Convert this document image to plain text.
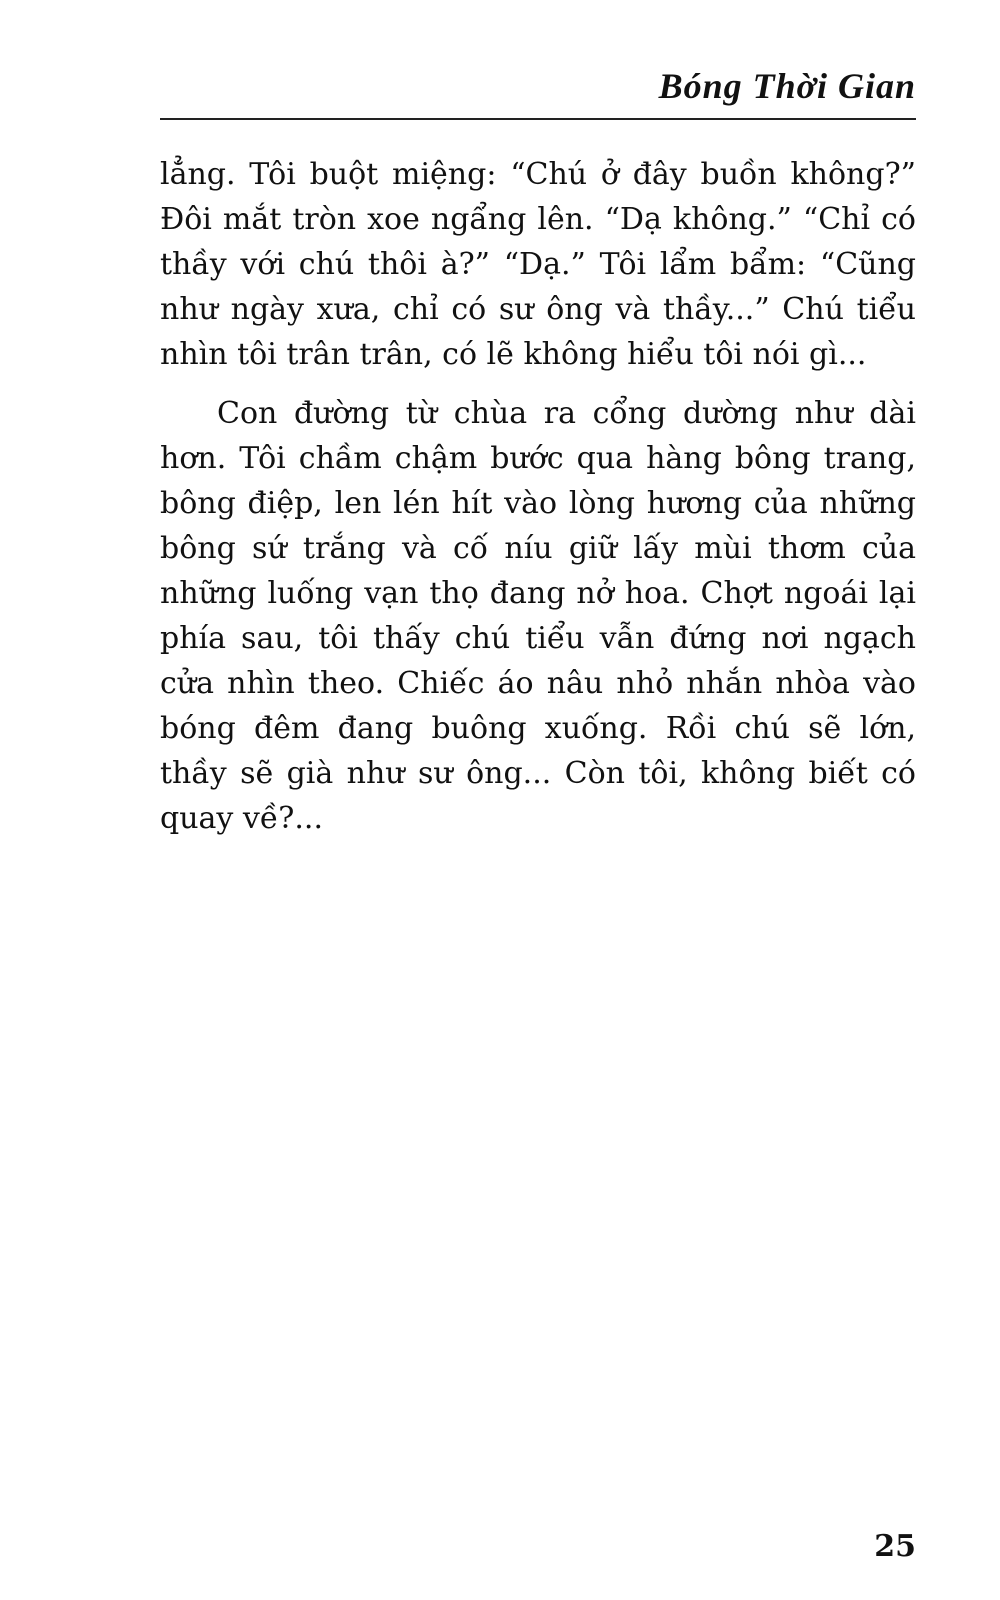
Bóng Thời Gian

lẳng. Tôi buột miệng: “Chú ở đây buồn không?” Đôi mắt tròn xoe ngẩng lên. “Dạ không.” “Chỉ có thầy với chú thôi à?” “Dạ.” Tôi lẩm bẩm: “Cũng như ngày xưa, chỉ có sư ông và thầy...” Chú tiểu nhìn tôi trân trân, có lẽ không hiểu tôi nói gì...

Con đường từ chùa ra cổng dường như dài hơn. Tôi chầm chậm bước qua hàng bông trang, bông điệp, len lén hít vào lòng hương của những bông sứ trắng và cố níu giữ lấy mùi thơm của những luống vạn thọ đang nở hoa. Chợt ngoái lại phía sau, tôi thấy chú tiểu vẫn đứng nơi ngạch cửa nhìn theo. Chiếc áo nâu nhỏ nhắn nhòa vào bóng đêm đang buông xuống. Rồi chú sẽ lớn, thầy sẽ già như sư ông... Còn tôi, không biết có quay về?...

25
